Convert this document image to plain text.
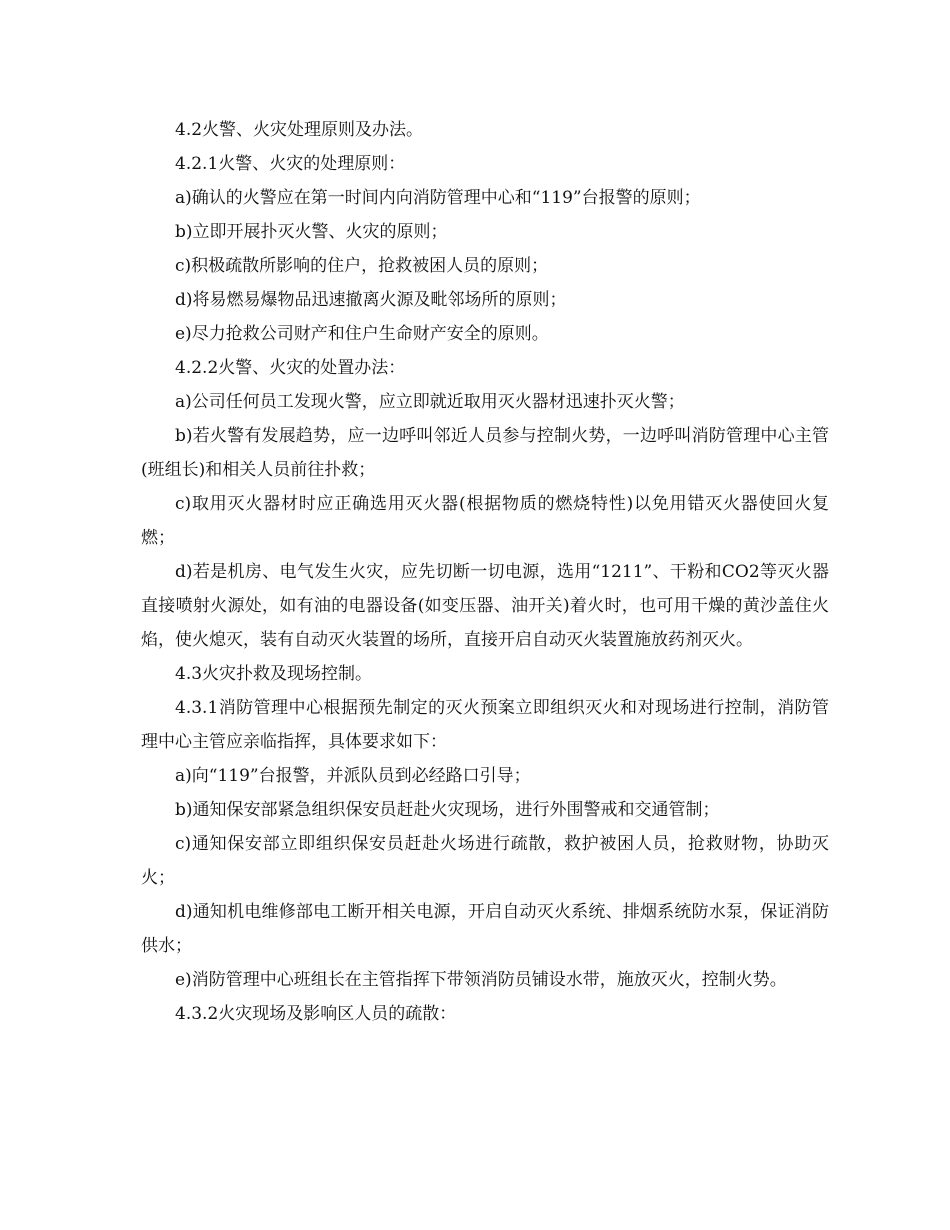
4.2火警、火灾处理原则及办法。

4.2.1火警、火灾的处理原则：

a)确认的火警应在第一时间内向消防管理中心和“119”台报警的原则；

b)立即开展扑灭火警、火灾的原则；

c)积极疏散所影响的住户，抢救被困人员的原则；

d)将易燃易爆物品迅速撤离火源及毗邻场所的原则；

e)尽力抢救公司财产和住户生命财产安全的原则。

4.2.2火警、火灾的处置办法：

a)公司任何员工发现火警，应立即就近取用灭火器材迅速扑灭火警；

b)若火警有发展趋势，应一边呼叫邻近人员参与控制火势，一边呼叫消防管理中心主管(班组长)和相关人员前往扑救；

c)取用灭火器材时应正确选用灭火器(根据物质的燃烧特性)以免用错灭火器使回火复燃；

d)若是机房、电气发生火灾，应先切断一切电源，选用“1211”、干粉和CO2等灭火器直接喷射火源处，如有油的电器设备(如变压器、油开关)着火时，也可用干燥的黄沙盖住火焰，使火熄灭，装有自动灭火装置的场所，直接开启自动灭火装置施放药剂灭火。

4.3火灾扑救及现场控制。

4.3.1消防管理中心根据预先制定的灭火预案立即组织灭火和对现场进行控制，消防管理中心主管应亲临指挥，具体要求如下：

a)向“119”台报警，并派队员到必经路口引导；

b)通知保安部紧急组织保安员赶赴火灾现场，进行外围警戒和交通管制；

c)通知保安部立即组织保安员赶赴火场进行疏散，救护被困人员，抢救财物，协助灭火；

d)通知机电维修部电工断开相关电源，开启自动灭火系统、排烟系统防水泵，保证消防供水；

e)消防管理中心班组长在主管指挥下带领消防员铺设水带，施放灭火，控制火势。

4.3.2火灾现场及影响区人员的疏散：
